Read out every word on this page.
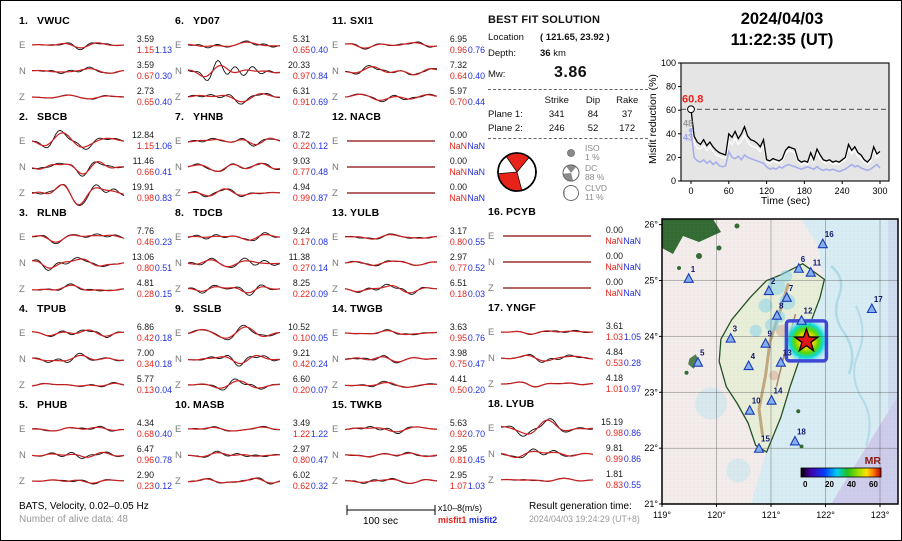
1. VWUC
E
3.59
1.15 1.13
N
3.59
0.67 0.30
Z
2.73
0.65 0.40
2. SBCB
E
12.84
1.15 1.06
N
11.46
0.66 0.41
Z
19.91
0.98 0.83
3. RLNB
E
7.76
0.46 0.23
N
13.06
0.80 0.51
Z
4.81
0.28 0.15
4. TPUB
E
6.86
0.42 0.18
N
7.00
0.34 0.18
Z
5.77
0.13 0.04
5. PHUB
E
4.34
0.68 0.40
N
6.47
0.96 0.78
Z
2.90
0.23 0.12
6. YD07
E
5.31
0.65 0.40
N
20.33
0.97 0.84
Z
6.31
0.91 0.69
7. YHNB
E
8.72
0.22 0.12
N
9.03
0.77 0.48
Z
4.94
0.99 0.87
8. TDCB
E
9.24
0.17 0.08
N
11.38
0.27 0.14
Z
8.25
0.22 0.09
9. SSLB
E
10.52
0.10 0.05
N
9.21
0.42 0.24
Z
6.60
0.20 0.07
10. MASB
E
3.49
1.22 1.22
N
2.97
0.80 0.47
Z
6.02
0.62 0.32
11. SXI1
E
6.95
0.96 0.76
N
7.32
0.64 0.40
Z
5.97
0.70 0.44
12. NACB
E
0.00
NaN NaN
N
0.00
NaN NaN
Z
0.00
NaN NaN
13. YULB
E
3.17
0.80 0.55
N
2.97
0.77 0.52
Z
6.51
0.18 0.03
14. TWGB
E
3.63
0.95 0.76
N
3.98
0.75 0.47
Z
4.41
0.50 0.20
15. TWKB
E
5.63
0.92 0.70
N
2.95
0.81 0.45
Z
2.95
1.07 1.03
16. PCYB
E
0.00
NaN NaN
N
0.00
NaN NaN
Z
0.00
NaN NaN
17. YNGF
E
3.61
1.03 1.05
N
4.84
0.53 0.28
Z
4.18
1.01 0.97
18. LYUB
E
15.19
0.98 0.86
N
9.81
0.99 0.86
Z
1.81
0.83 0.55
BEST FIT SOLUTION
Location	( 121.65, 23.92 )
Depth:	36 km
Mw:	3.86
	Strike	Dip	Rake
Plane 1:	341	84	37
Plane 2:	246	52	172
ISO
1 %
DC
88 %
CLVD
11 %
2024/04/03
11:22:35 (UT)
Misfit reduction (%)
0
20
40
60
80
100
0	60	120	180	240	300
Time (sec)
60.8
48
43
1
2
3
4
5
6
7
8
9
10
11
12
13
14
15
16
17
18
MR
0 20 40 60
119°	120°	121°	122°	123°
21°
22°
23°
24°
25°
26°
BATS, Velocity, 0.02–0.05 Hz
Number of alive data: 48	100 sec
x10–8(m/s)
misfit1 misfit2
Result generation time:
2024/04/03 19:24:29 (UT+8)
